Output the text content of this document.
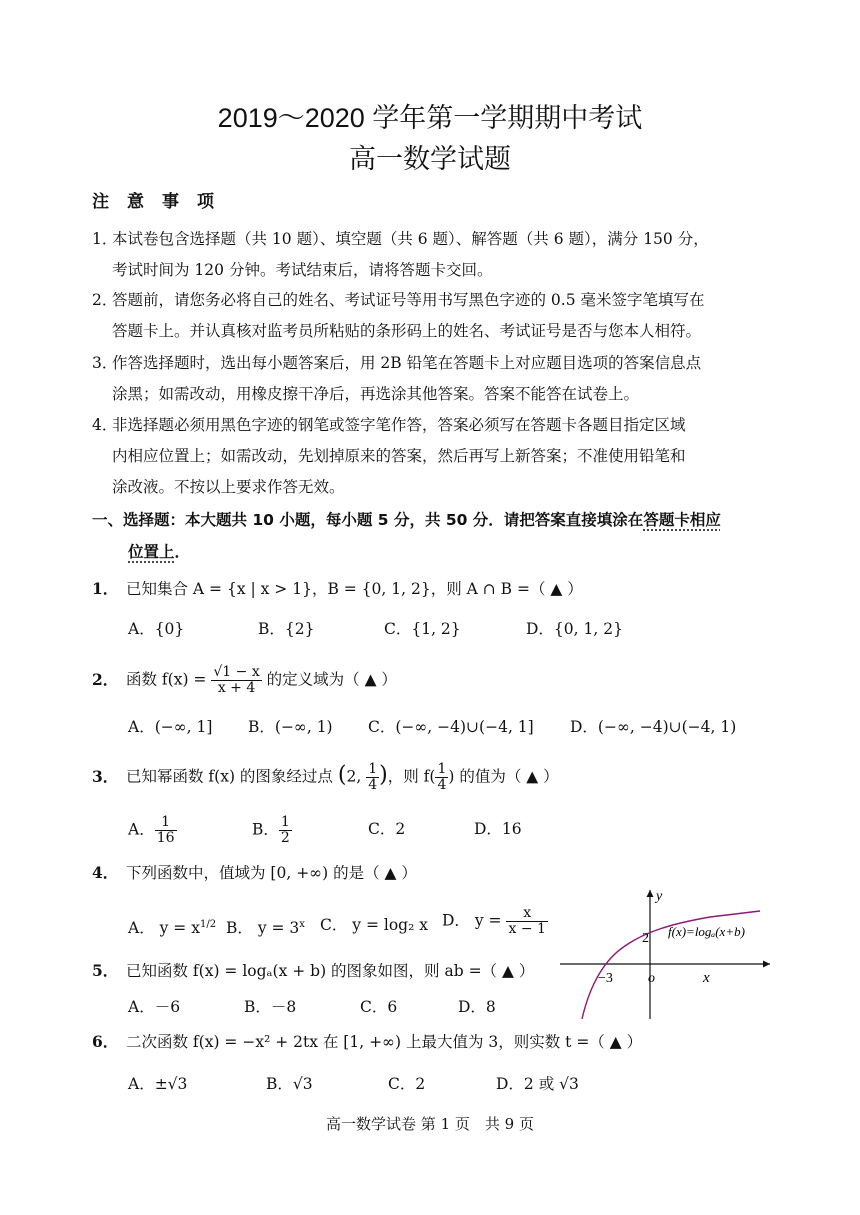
2019～2020 学年第一学期期中考试
高一数学试题
注意事项
1．本试卷包含选择题（共 10 题）、填空题（共 6 题）、解答题（共 6 题），满分 150 分，
考试时间为 120 分钟。考试结束后，请将答题卡交回。
2．答题前，请您务必将自己的姓名、考试证号等用书写黑色字迹的 0.5 毫米签字笔填写在
答题卡上。并认真核对监考员所粘贴的条形码上的姓名、考试证号是否与您本人相符。
3．作答选择题时，选出每小题答案后，用 2B 铅笔在答题卡上对应题目选项的答案信息点
涂黑；如需改动，用橡皮擦干净后，再选涂其他答案。答案不能答在试卷上。
4．非选择题必须用黑色字迹的钢笔或签字笔作答，答案必须写在答题卡各题目指定区域
内相应位置上；如需改动，先划掉原来的答案，然后再写上新答案；不准使用铅笔和
涂改液。不按以上要求作答无效。
一、选择题：本大题共 10 小题，每小题 5 分，共 50 分．请把答案直接填涂在答题卡相应
位置上．
1． 已知集合 A = {x | x > 1}，B = {0, 1, 2}，则 A ∩ B =（ ▲ ）
A．{0}	B．{2}	C．{1, 2}	D．{0, 1, 2}
2． 函数 $f(x) = \frac{√1 - x}{x + 4}$ 的定义域为（ ▲ ）
A．(−∞, 1] B．(−∞, 1) C．(−∞, −4)∪(−4, 1] D．(−∞, −4)∪(−4, 1)
3． 已知幂函数 f(x) 的图象经过点 (2, $\frac{1}{4}$ )，则 $f( \frac{1}{4}$ ) 的值为（ ▲ ）
A． $\frac{1}{16}$	B． $\frac{1}{2}$	C．2	D．16
4． 下列函数中，值域为 [0, +∞) 的是（ ▲ ）
A． $y = x^{1/2}$ B． $y = 3^x$ C． y = log₂ x D． $y = \frac{x}{x - 1}$
y
x
o
−3
2 f(x)=logₐ(x+b)
5． 已知函数 f(x) = logₐ(x + b) 的图象如图，则 ab =（ ▲ ）
A．－6	B．－8	C．6	D．8
6． 二次函数 f(x) = −x² + 2tx 在 [1, +∞) 上最大值为 3，则实数 t =（ ▲ ）
A．±√3	B．√3	C．2	D．2 或 √3
高一数学试卷 第 1 页　共 9 页
